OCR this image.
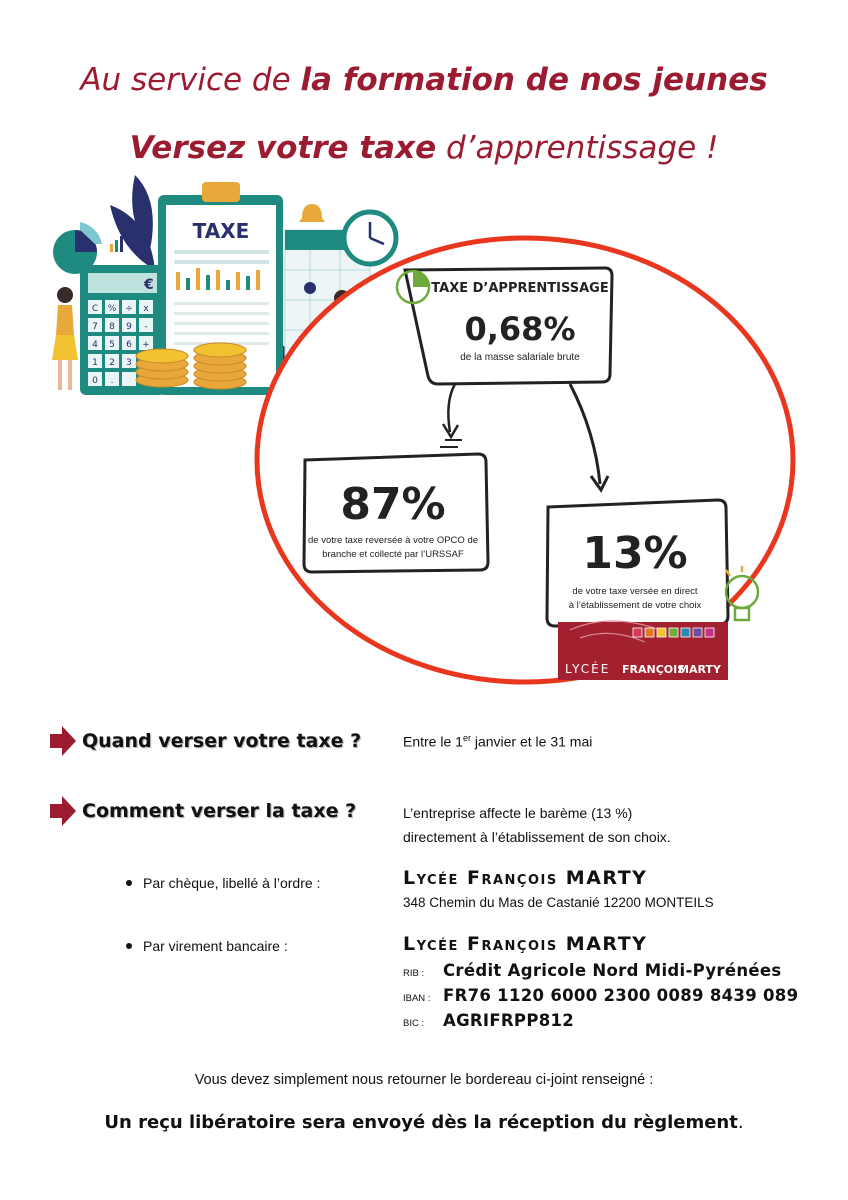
Au service de la formation de nos jeunes
Versez votre taxe d’apprentissage !
TAXE
€
C % ÷ x
7 8 9 -
4 5 6 +
1 2 3
0 .
TAXE D’APPRENTISSAGE
0,68%
de la masse salariale brute
87%
de votre taxe reversée à votre OPCO de
branche et collecté par l’URSSAF	13%
de votre taxe versée en direct
à l’établissement de votre choix
LYCÉE FRANÇOIS
MARTY
Quand verser votre taxe ?	Entre le 1er janvier et le 31 mai
Comment verser la taxe ?	L’entreprise affecte le barème (13 %)
directement à l’établissement de son choix.
Par chèque, libellé à l’ordre :	Lycée François MARTY
348 Chemin du Mas de Castanié 12200 MONTEILS
Par virement bancaire :	Lycée François MARTY
RIB :	Crédit Agricole Nord Midi-Pyrénées
IBAN : FR76 1120 6000 2300 0089 8439 089
BIC :	AGRIFRPP812
Vous devez simplement nous retourner le bordereau ci-joint renseigné :
Un reçu libératoire sera envoyé dès la réception du règlement.
